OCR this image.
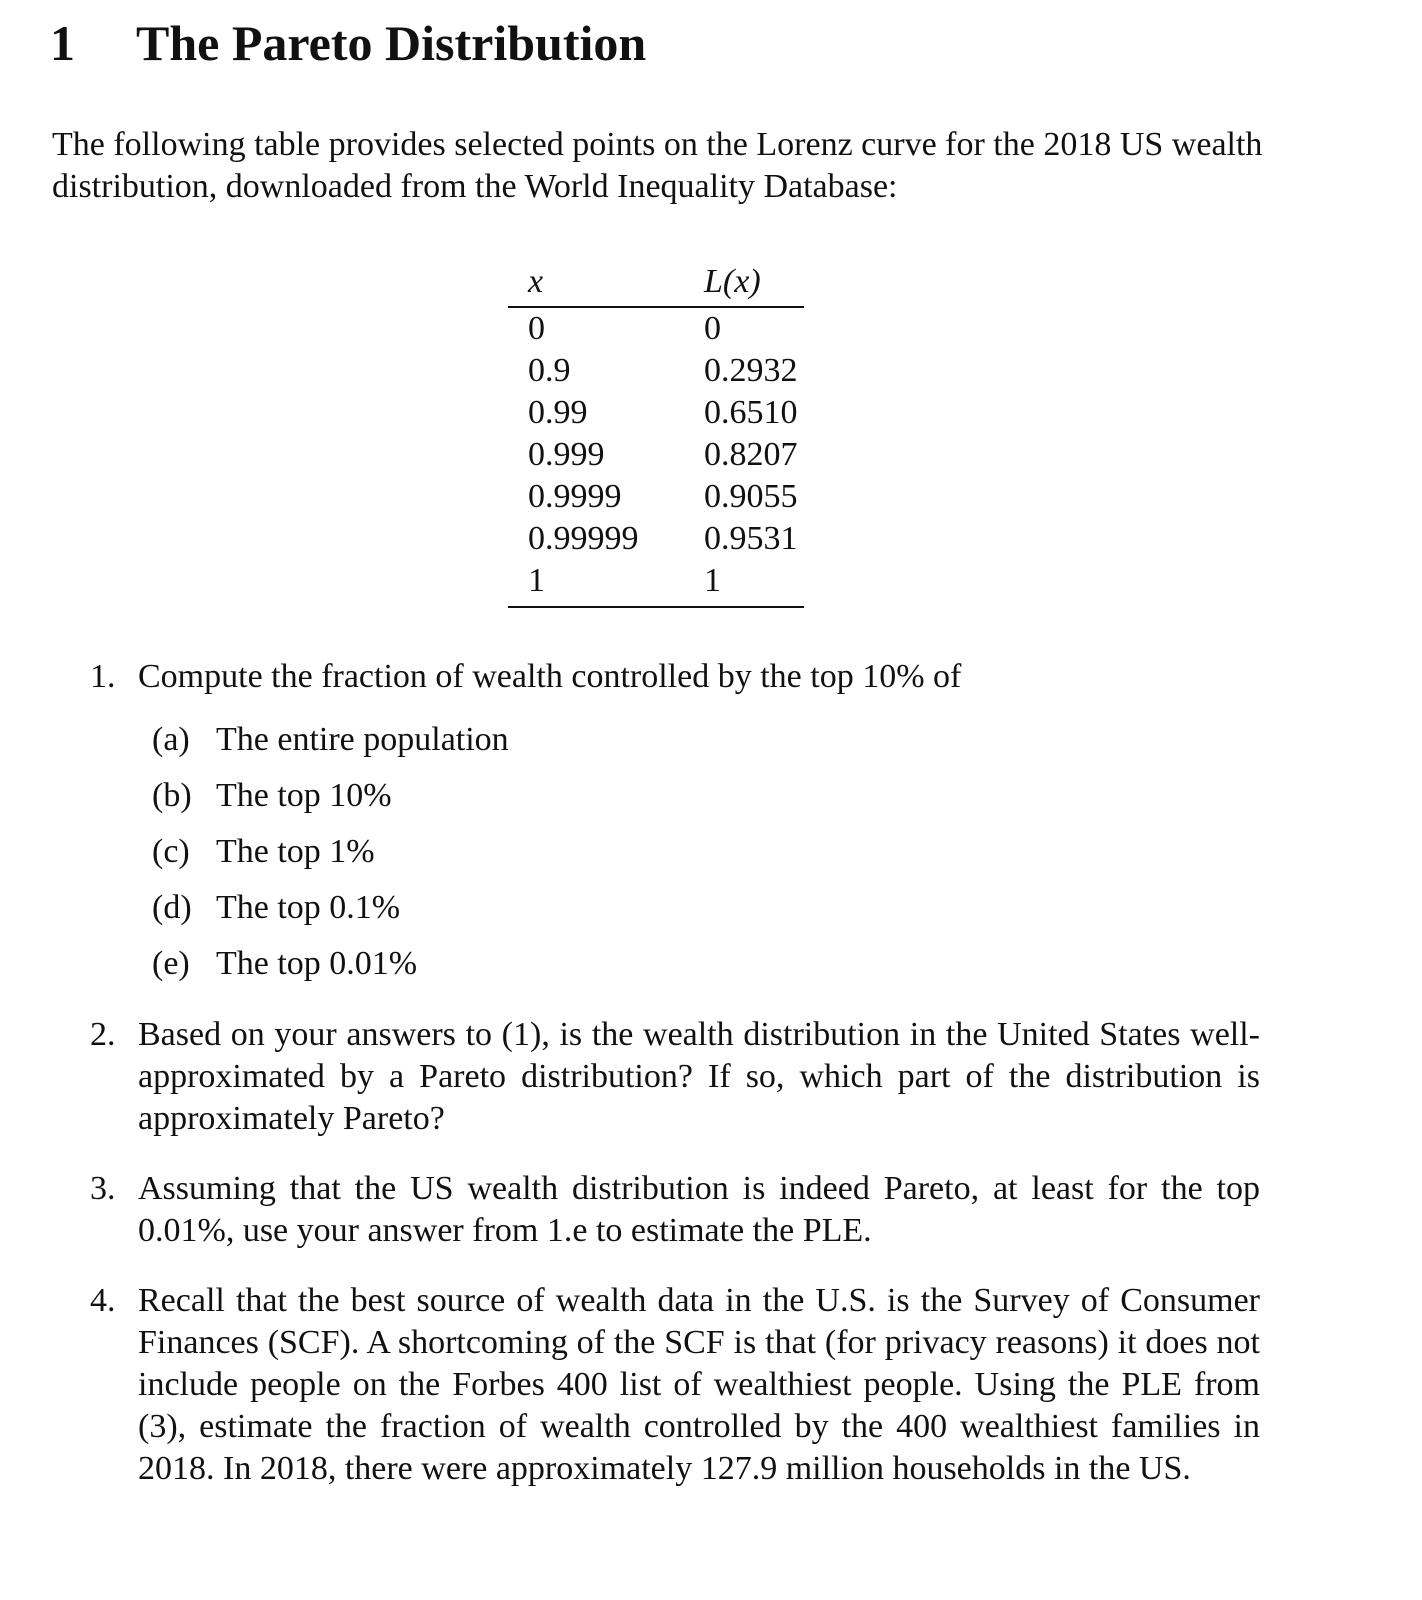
1 The Pareto Distribution

The following table provides selected points on the Lorenz curve for the 2018 US wealth distribution, downloaded from the World Inequality Database:

x	L(x)
0	0
0.9	0.2932
0.99	0.6510
0.999	0.8207
0.9999	0.9055
0.99999	0.9531
1	1
1. Compute the fraction of wealth controlled by the top 10% of
(a) The entire population
(b) The top 10%
(c) The top 1%
(d) The top 0.1%
(e) The top 0.01%
2. Based on your answers to (1), is the wealth distribution in the United States well-approximated by a Pareto distribution? If so, which part of the distribution is approximately Pareto?
3. Assuming that the US wealth distribution is indeed Pareto, at least for the top 0.01%, use your answer from 1.e to estimate the PLE.
4. Recall that the best source of wealth data in the U.S. is the Survey of Consumer Finances (SCF). A shortcoming of the SCF is that (for privacy reasons) it does not include people on the Forbes 400 list of wealthiest people. Using the PLE from (3), estimate the fraction of wealth controlled by the 400 wealthiest families in 2018. In 2018, there were approximately 127.9 million households in the US.
